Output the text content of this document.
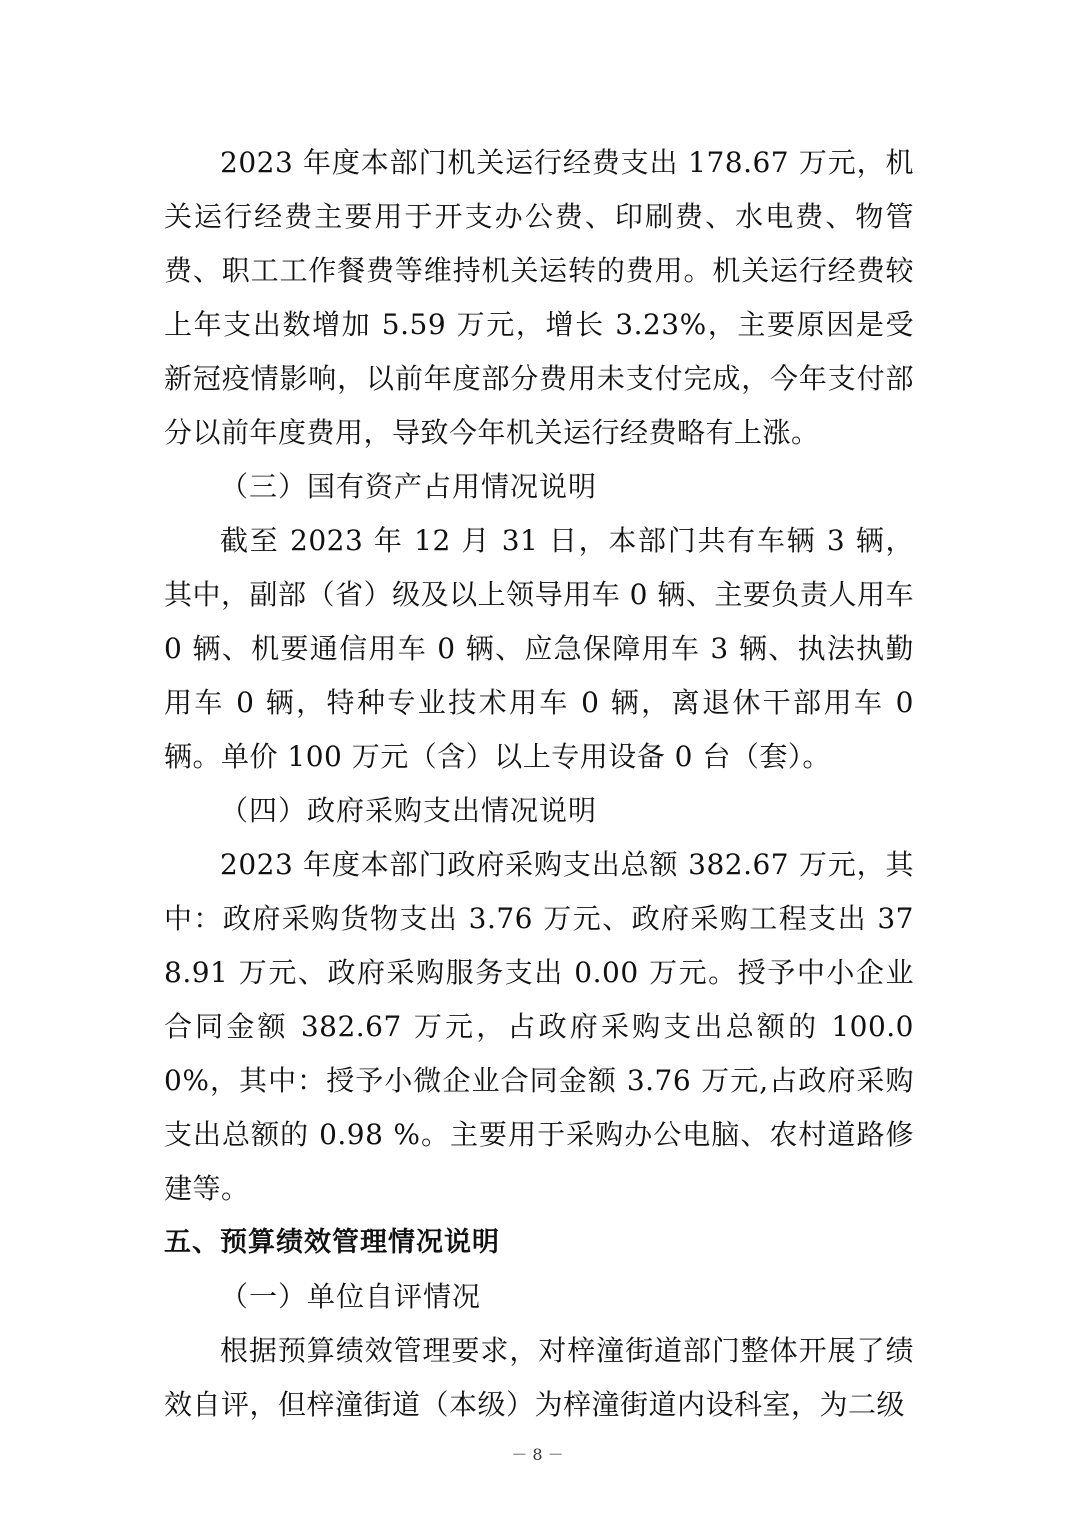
2023 年度本部门机关运行经费支出 178.67 万元，机关运行经费主要用于开支办公费、印刷费、水电费、物管费、职工工作餐费等维持机关运转的费用。机关运行经费较上年支出数增加 5.59 万元，增长 3.23%，主要原因是受新冠疫情影响，以前年度部分费用未支付完成，今年支付部分以前年度费用，导致今年机关运行经费略有上涨。

（三）国有资产占用情况说明

截至 2023 年 12 月 31 日，本部门共有车辆 3 辆，其中，副部（省）级及以上领导用车 0 辆、主要负责人用车 0 辆、机要通信用车 0 辆、应急保障用车 3 辆、执法执勤用车 0 辆，特种专业技术用车 0 辆，离退休干部用车 0 辆。单价 100 万元（含）以上专用设备 0 台（套）。

（四）政府采购支出情况说明

2023 年度本部门政府采购支出总额 382.67 万元，其中：政府采购货物支出 3.76 万元、政府采购工程支出 378.91 万元、政府采购服务支出 0.00 万元。授予中小企业合同金额 382.67 万元，占政府采购支出总额的 100.00%，其中：授予小微企业合同金额 3.76 万元,占政府采购支出总额的 0.98 %。主要用于采购办公电脑、农村道路修建等。

五、预算绩效管理情况说明

（一）单位自评情况

根据预算绩效管理要求，对梓潼街道部门整体开展了绩效自评，但梓潼街道（本级）为梓潼街道内设科室，为二级

－ 8 －
